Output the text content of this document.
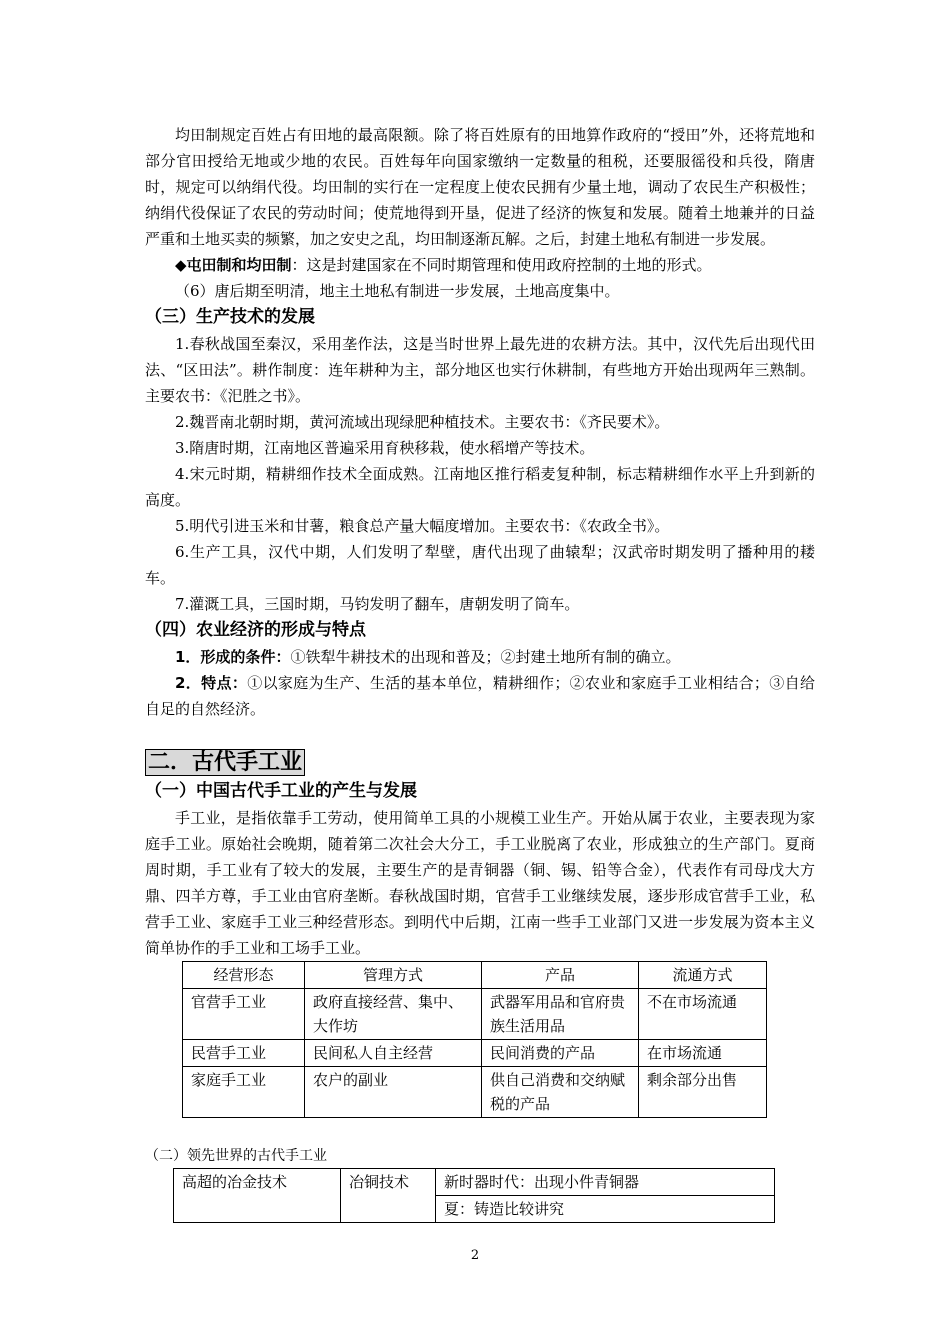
均田制规定百姓占有田地的最高限额。除了将百姓原有的田地算作政府的“授田”外，还将荒地和部分官田授给无地或少地的农民。百姓每年向国家缴纳一定数量的租税，还要服徭役和兵役，隋唐时，规定可以纳绢代役。均田制的实行在一定程度上使农民拥有少量土地，调动了农民生产积极性；纳绢代役保证了农民的劳动时间；使荒地得到开垦，促进了经济的恢复和发展。随着土地兼并的日益严重和土地买卖的频繁，加之安史之乱，均田制逐渐瓦解。之后，封建土地私有制进一步发展。

◆屯田制和均田制：这是封建国家在不同时期管理和使用政府控制的土地的形式。

（6）唐后期至明清，地主土地私有制进一步发展，土地高度集中。

（三）生产技术的发展

1.春秋战国至秦汉，采用垄作法，这是当时世界上最先进的农耕方法。其中，汉代先后出现代田法、“区田法”。耕作制度：连年耕种为主，部分地区也实行休耕制，有些地方开始出现两年三熟制。主要农书：《汜胜之书》。

2.魏晋南北朝时期，黄河流域出现绿肥种植技术。主要农书：《齐民要术》。

3.隋唐时期，江南地区普遍采用育秧移栽，使水稻增产等技术。

4.宋元时期，精耕细作技术全面成熟。江南地区推行稻麦复种制，标志精耕细作水平上升到新的高度。

5.明代引进玉米和甘薯，粮食总产量大幅度增加。主要农书：《农政全书》。

6.生产工具，汉代中期，人们发明了犁壁，唐代出现了曲辕犁；汉武帝时期发明了播种用的耧车。

7.灌溉工具，三国时期，马钧发明了翻车，唐朝发明了筒车。

（四）农业经济的形成与特点

1．形成的条件：①铁犁牛耕技术的出现和普及；②封建土地所有制的确立。

2．特点：①以家庭为生产、生活的基本单位，精耕细作；②农业和家庭手工业相结合；③自给自足的自然经济。

二．古代手工业

（一）中国古代手工业的产生与发展

手工业，是指依靠手工劳动，使用简单工具的小规模工业生产。开始从属于农业，主要表现为家庭手工业。原始社会晚期，随着第二次社会大分工，手工业脱离了农业，形成独立的生产部门。夏商周时期，手工业有了较大的发展，主要生产的是青铜器（铜、锡、铅等合金），代表作有司母戊大方鼎、四羊方尊，手工业由官府垄断。春秋战国时期，官营手工业继续发展，逐步形成官营手工业，私营手工业、家庭手工业三种经营形态。到明代中后期，江南一些手工业部门又进一步发展为资本主义简单协作的手工业和工场手工业。

经营形态	管理方式	产品	流通方式
官营手工业	政府直接经营、集中、大作坊	武器军用品和官府贵族生活用品	不在市场流通
民营手工业	民间私人自主经营	民间消费的产品	在市场流通
家庭手工业	农户的副业	供自己消费和交纳赋税的产品	剩余部分出售

（二）领先世界的古代手工业

高超的冶金技术	冶铜技术	新时器时代：出现小件青铜器
夏：铸造比较讲究
2
